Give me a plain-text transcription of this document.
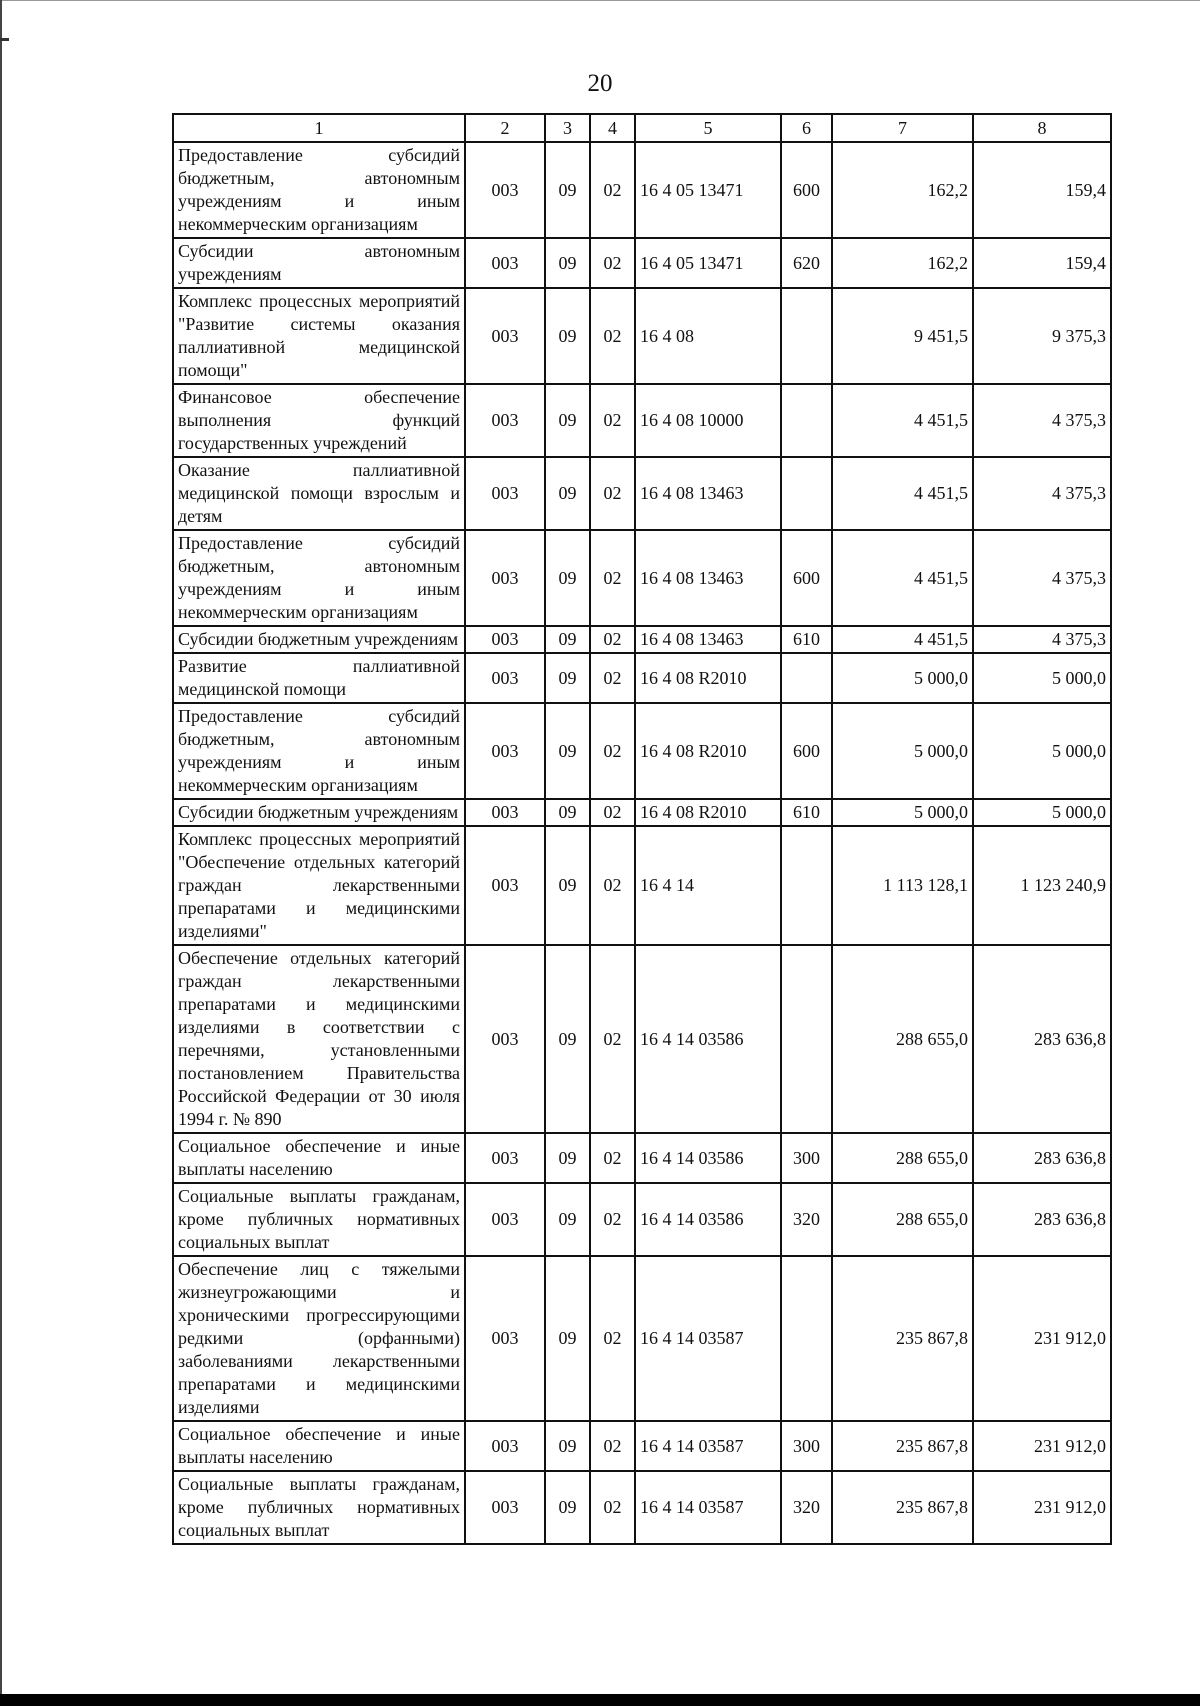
20
1	2	3	4	5	6	7	8
Предоставление субсидий бюджетным, автономным учреждениям и иным некоммерческим организациям	003	09	02	16 4 05 13471	600	162,2	159,4
Субсидии автономным учреждениям	003	09	02	16 4 05 13471	620	162,2	159,4
Комплекс процессных мероприятий "Развитие системы оказания паллиативной медицинской помощи"	003	09	02	16 4 08		9 451,5	9 375,3
Финансовое обеспечение выполнения функций государственных учреждений	003	09	02	16 4 08 10000		4 451,5	4 375,3
Оказание паллиативной медицинской помощи взрослым и детям	003	09	02	16 4 08 13463		4 451,5	4 375,3
Предоставление субсидий бюджетным, автономным учреждениям и иным некоммерческим организациям	003	09	02	16 4 08 13463	600	4 451,5	4 375,3
Субсидии бюджетным учреждениям	003	09	02	16 4 08 13463	610	4 451,5	4 375,3
Развитие паллиативной медицинской помощи	003	09	02	16 4 08 R2010		5 000,0	5 000,0
Предоставление субсидий бюджетным, автономным учреждениям и иным некоммерческим организациям	003	09	02	16 4 08 R2010	600	5 000,0	5 000,0
Субсидии бюджетным учреждениям	003	09	02	16 4 08 R2010	610	5 000,0	5 000,0
Комплекс процессных мероприятий "Обеспечение отдельных категорий граждан лекарственными препаратами и медицинскими изделиями"	003	09	02	16 4 14		1 113 128,1	1 123 240,9
Обеспечение отдельных категорий граждан лекарственными препаратами и медицинскими изделиями в соответствии с перечнями, установленными постановлением Правительства Российской Федерации от 30 июля 1994 г. № 890	003	09	02	16 4 14 03586		288 655,0	283 636,8
Социальное обеспечение и иные выплаты населению	003	09	02	16 4 14 03586	300	288 655,0	283 636,8
Социальные выплаты гражданам, кроме публичных нормативных социальных выплат	003	09	02	16 4 14 03586	320	288 655,0	283 636,8
Обеспечение лиц с тяжелыми жизнеугрожающими и хроническими прогрессирующими редкими (орфанными) заболеваниями лекарственными препаратами и медицинскими изделиями	003	09	02	16 4 14 03587		235 867,8	231 912,0
Социальное обеспечение и иные выплаты населению	003	09	02	16 4 14 03587	300	235 867,8	231 912,0
Социальные выплаты гражданам, кроме публичных нормативных социальных выплат	003	09	02	16 4 14 03587	320	235 867,8	231 912,0
